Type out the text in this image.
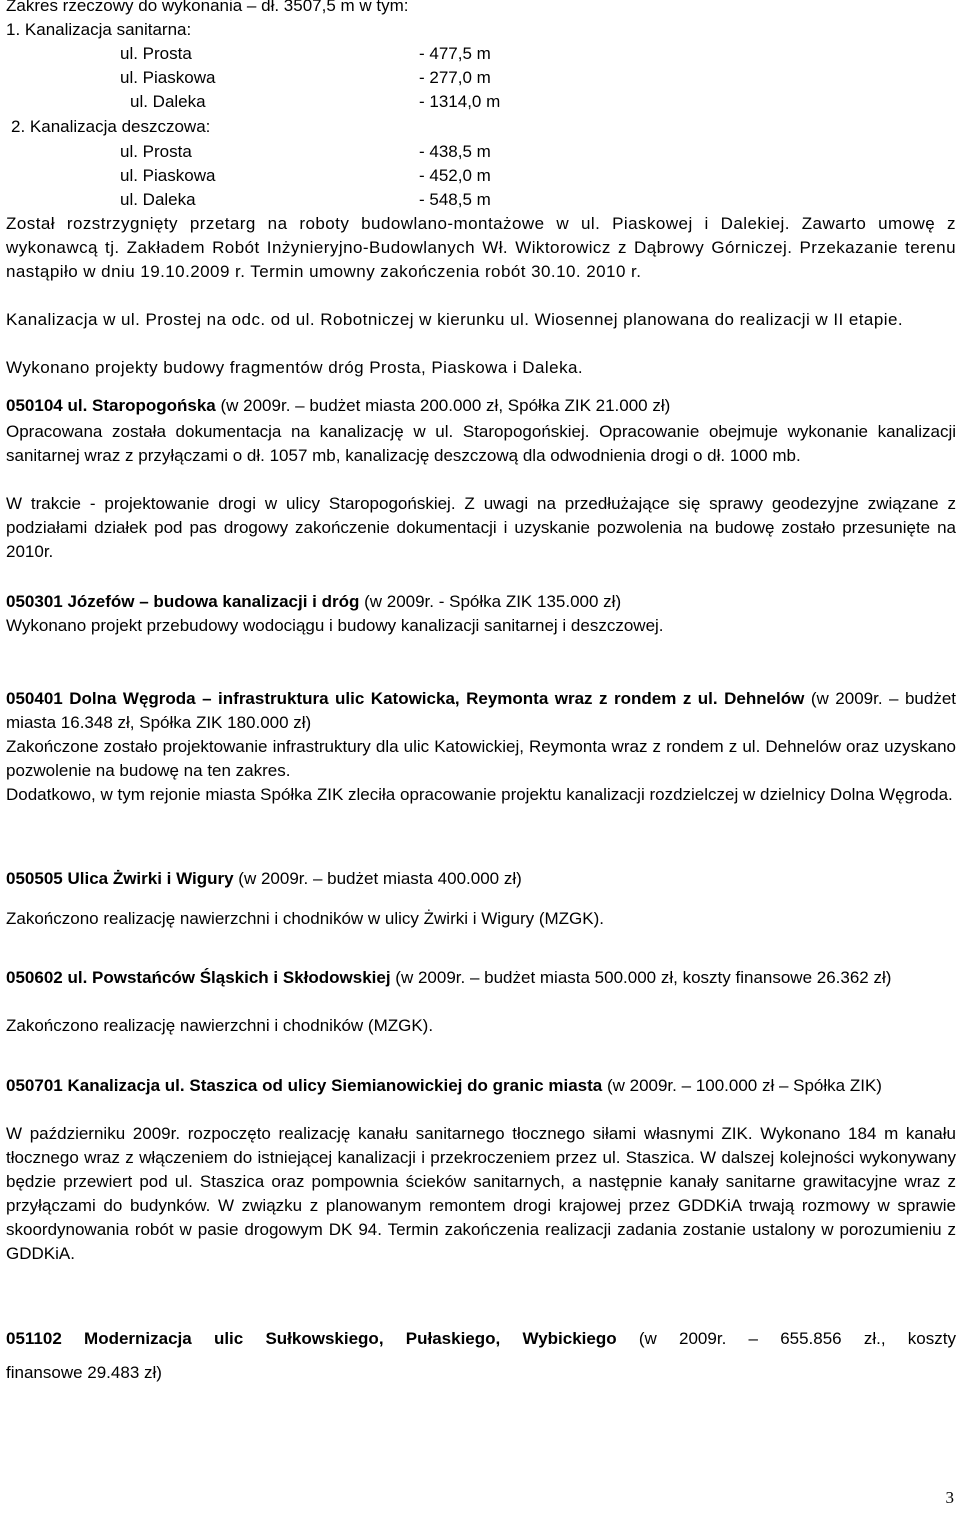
Zakres rzeczowy do wykonania – dł. 3507,5 m w tym:
1. Kanalizacja sanitarna:
ul. Prosta	- 477,5 m
ul. Piaskowa	- 277,0 m
ul. Daleka	- 1314,0 m
2. Kanalizacja deszczowa:
ul. Prosta	- 438,5 m
ul. Piaskowa	- 452,0 m
ul. Daleka	- 548,5 m
Został rozstrzygnięty przetarg na roboty budowlano-montażowe w ul. Piaskowej i Dalekiej. Zawarto umowę z wykonawcą tj. Zakładem Robót Inżynieryjno-Budowlanych Wł. Wiktorowicz z Dąbrowy Górniczej. Przekazanie terenu nastąpiło w dniu 19.10.2009 r. Termin umowny zakończenia robót 30.10. 2010 r.
Kanalizacja w ul. Prostej na odc. od ul. Robotniczej w kierunku ul. Wiosennej planowana do realizacji w II etapie.
Wykonano projekty budowy fragmentów dróg Prosta, Piaskowa i Daleka.
050104 ul. Staropogońska (w 2009r. – budżet miasta 200.000 zł, Spółka ZIK 21.000 zł)
Opracowana została dokumentacja na kanalizację w ul. Staropogońskiej. Opracowanie obejmuje wykonanie kanalizacji sanitarnej wraz z przyłączami o dł. 1057 mb, kanalizację deszczową dla odwodnienia drogi o dł. 1000 mb.
W trakcie - projektowanie drogi w ulicy Staropogońskiej. Z uwagi na przedłużające się sprawy geodezyjne związane z podziałami działek pod pas drogowy zakończenie dokumentacji i uzyskanie pozwolenia na budowę zostało przesunięte na 2010r.
050301 Józefów – budowa kanalizacji i dróg (w 2009r. - Spółka ZIK 135.000 zł)
Wykonano projekt przebudowy wodociągu i budowy kanalizacji sanitarnej i deszczowej.
050401 Dolna Węgroda – infrastruktura ulic Katowicka, Reymonta wraz z rondem z ul. Dehnelów (w 2009r. – budżet miasta 16.348 zł, Spółka ZIK 180.000 zł)
Zakończone zostało projektowanie infrastruktury dla ulic Katowickiej, Reymonta wraz z rondem z ul. Dehnelów oraz uzyskano pozwolenie na budowę na ten zakres.
Dodatkowo, w tym rejonie miasta Spółka ZIK zleciła opracowanie projektu kanalizacji rozdzielczej w dzielnicy Dolna Węgroda.
050505 Ulica Żwirki i Wigury (w 2009r. – budżet miasta 400.000 zł)
Zakończono realizację nawierzchni i chodników w ulicy Żwirki i Wigury (MZGK).
050602 ul. Powstańców Śląskich i Skłodowskiej (w 2009r. – budżet miasta 500.000 zł, koszty finansowe 26.362 zł)
Zakończono realizację nawierzchni i chodników (MZGK).
050701 Kanalizacja ul. Staszica od ulicy Siemianowickiej do granic miasta (w 2009r. – 100.000 zł – Spółka ZIK)
W październiku 2009r. rozpoczęto realizację kanału sanitarnego tłocznego siłami własnymi ZIK. Wykonano 184 m kanału tłocznego wraz z włączeniem do istniejącej kanalizacji i przekroczeniem przez ul. Staszica. W dalszej kolejności wykonywany będzie przewiert pod ul. Staszica oraz pompownia ścieków sanitarnych, a następnie kanały sanitarne grawitacyjne wraz z przyłączami do budynków. W związku z planowanym remontem drogi krajowej przez GDDKiA trwają rozmowy w sprawie skoordynowania robót w pasie drogowym DK 94. Termin zakończenia realizacji zadania zostanie ustalony w porozumieniu z GDDKiA.
051102 Modernizacja ulic Sułkowskiego, Pułaskiego, Wybickiego (w 2009r. – 655.856 zł., koszty
finansowe 29.483 zł)
3
